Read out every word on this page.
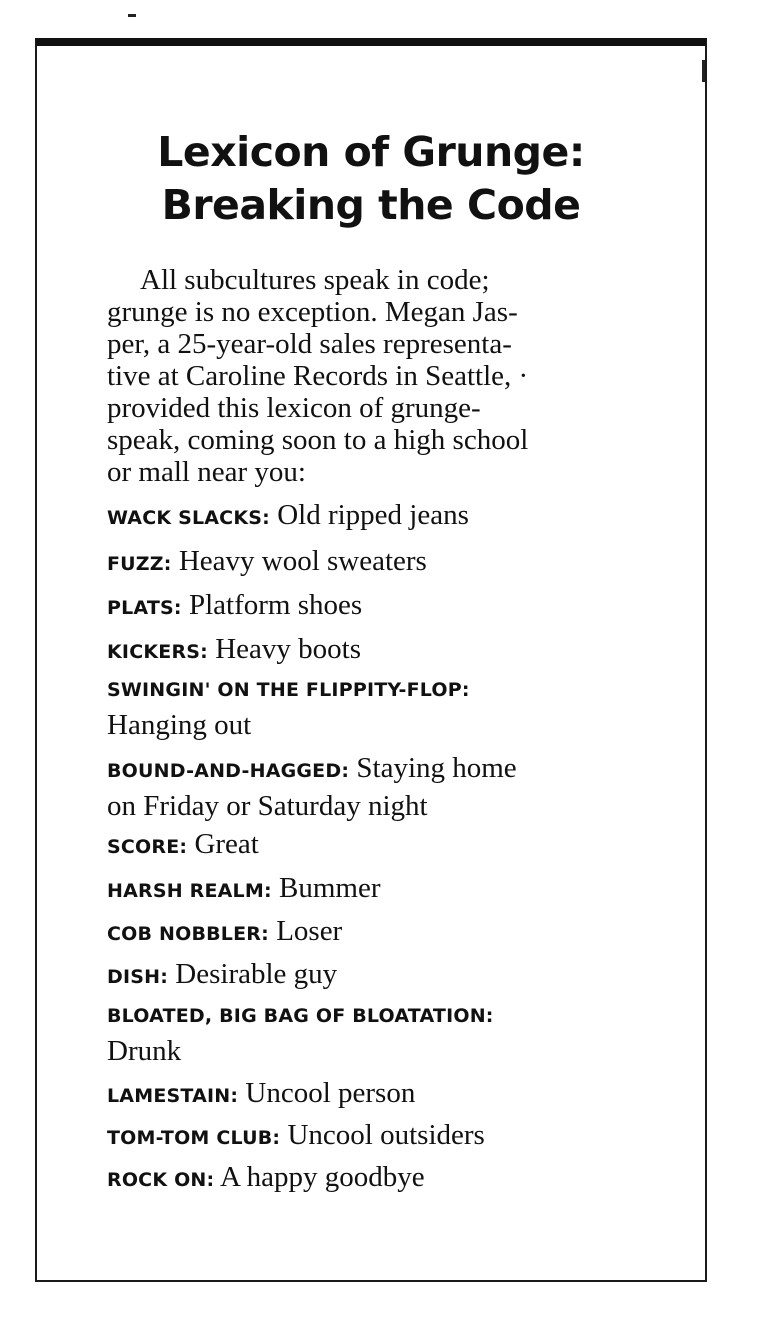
Lexicon of Grunge:
Breaking the Code

All subcultures speak in code;
grunge is no exception. Megan Jas-
per, a 25-year-old sales representa-
tive at Caroline Records in Seattle, ·
provided this lexicon of grunge-
speak, coming soon to a high school
or mall near you:

WACK SLACKS: Old ripped jeans
FUZZ: Heavy wool sweaters
PLATS: Platform shoes
KICKERS: Heavy boots
SWINGIN' ON THE FLIPPITY-FLOP:
Hanging out
BOUND-AND-HAGGED: Staying home
on Friday or Saturday night
SCORE: Great
HARSH REALM: Bummer
COB NOBBLER: Loser
DISH: Desirable guy
BLOATED, BIG BAG OF BLOATATION:
Drunk
LAMESTAIN: Uncool person
TOM-TOM CLUB: Uncool outsiders
ROCK ON: A happy goodbye
